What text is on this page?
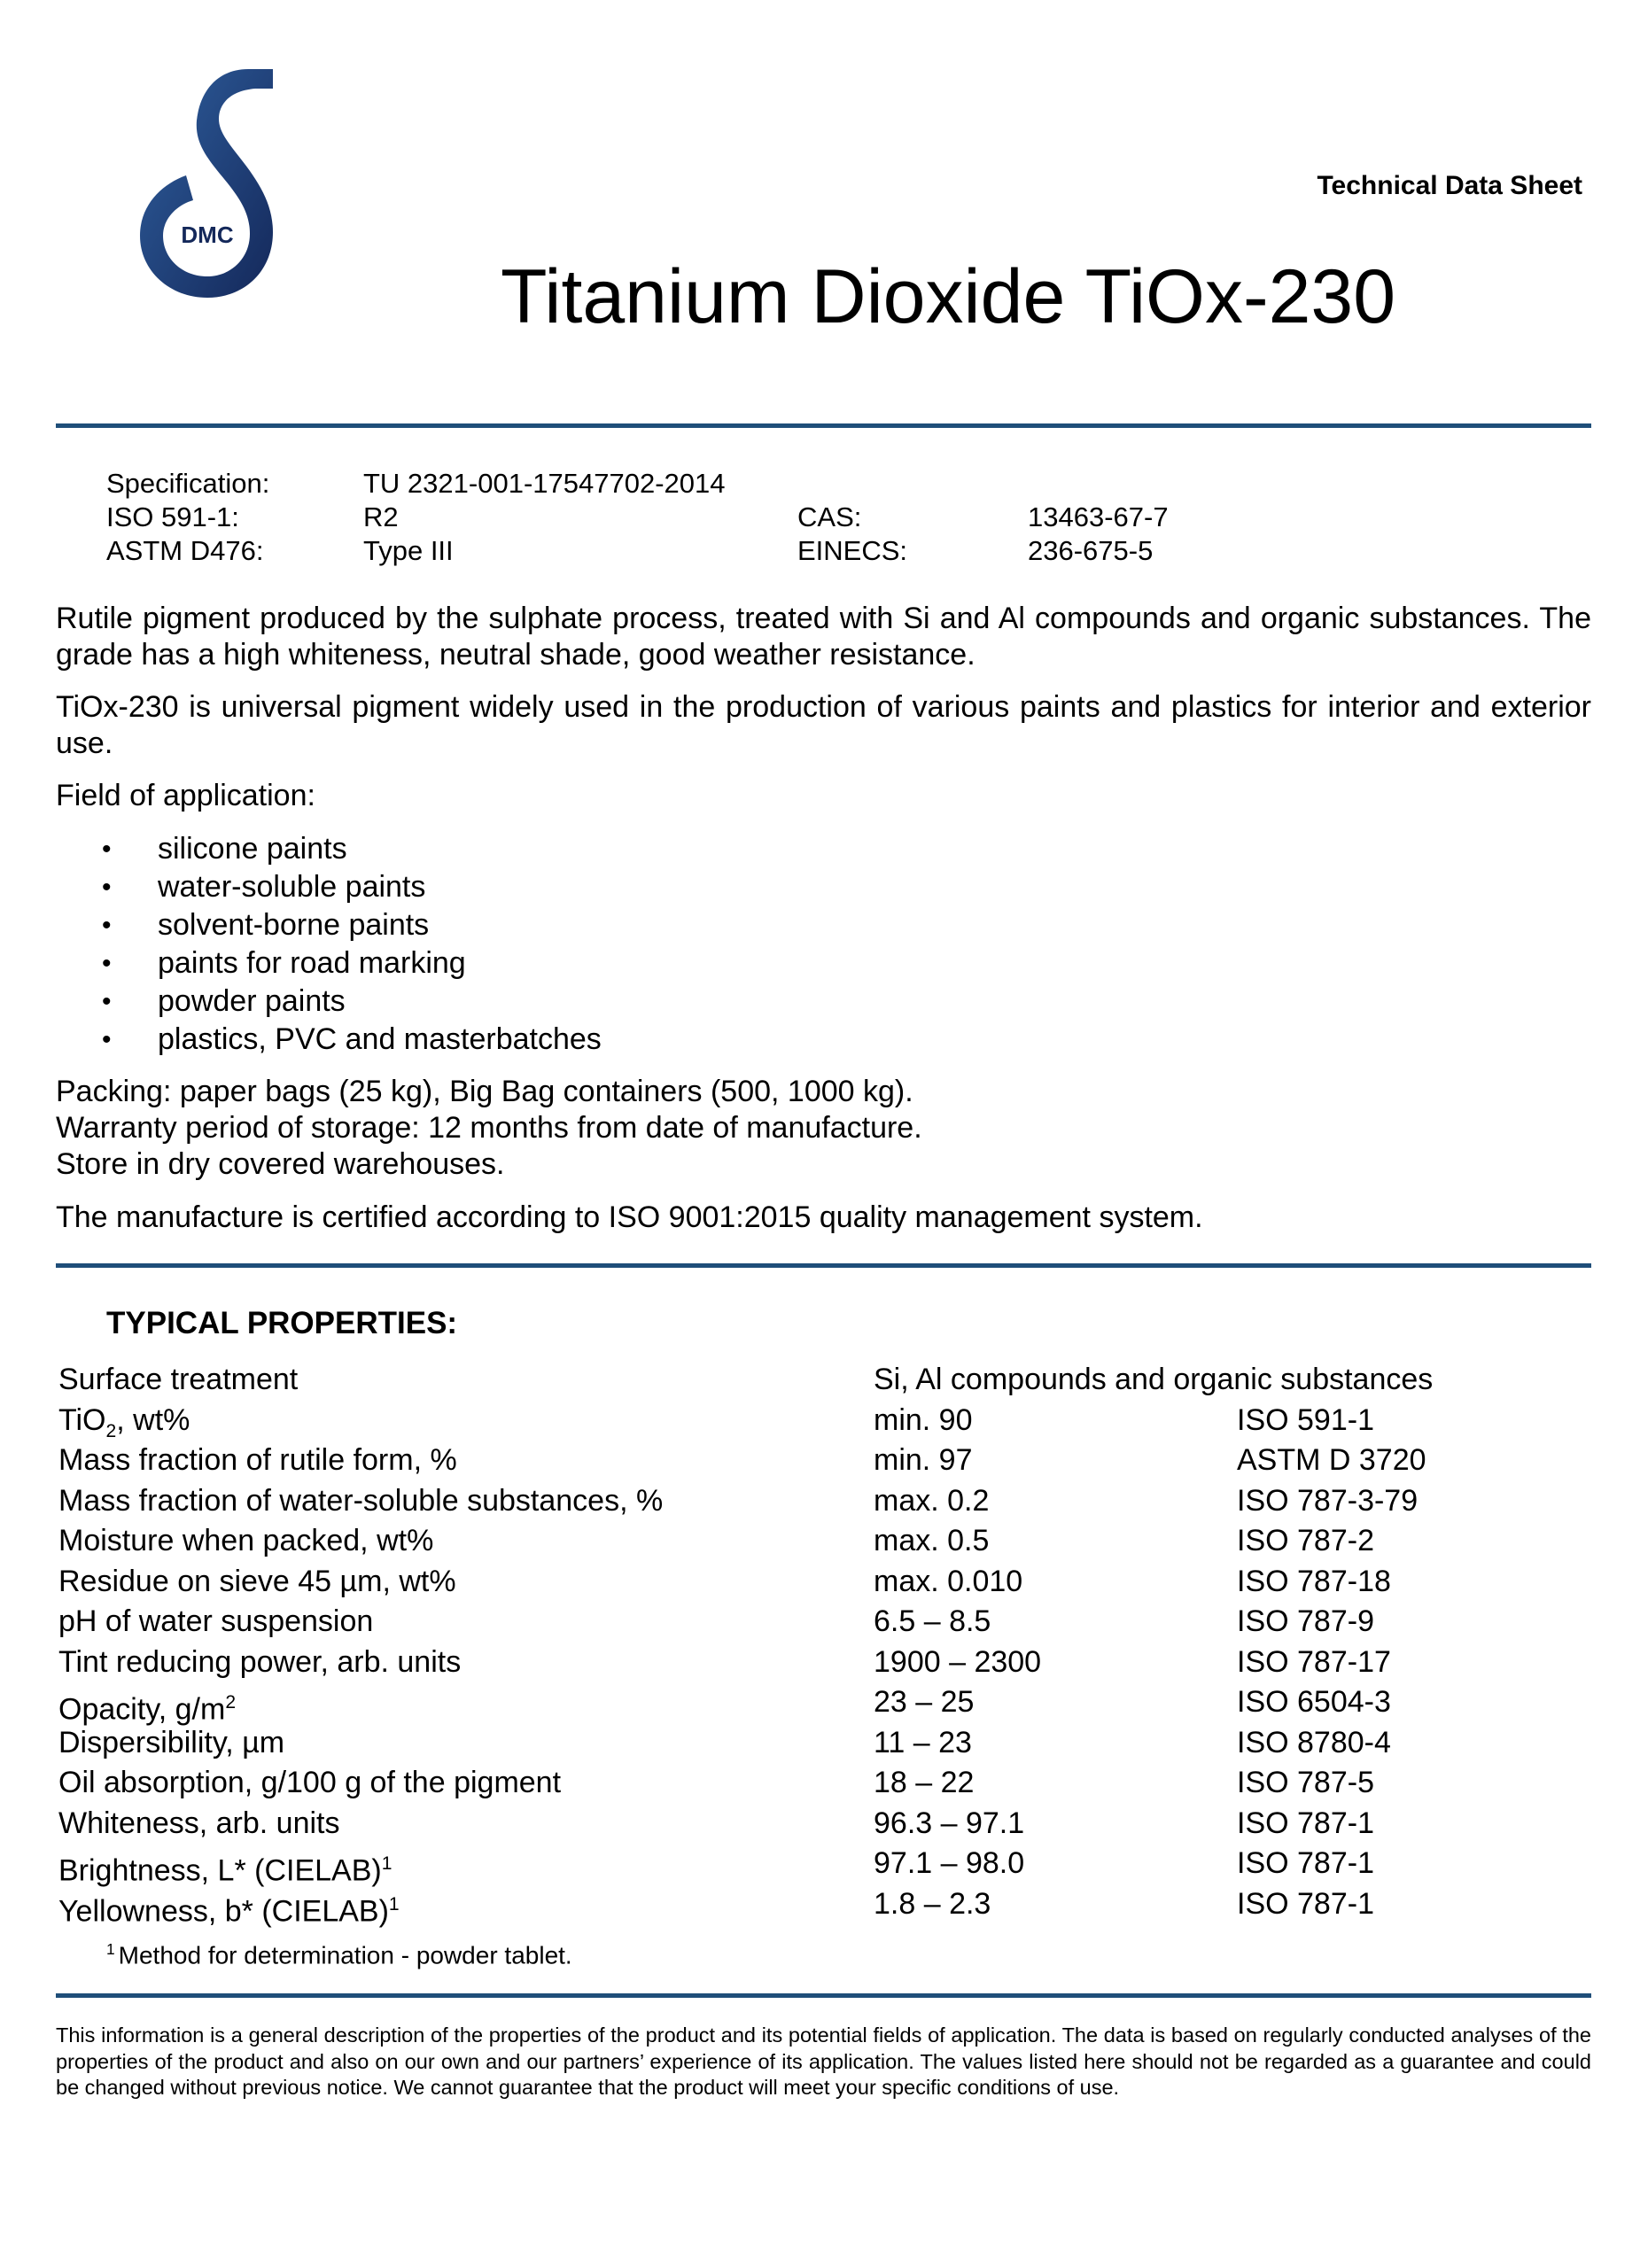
DMC
Technical Data Sheet
Titanium Dioxide TiOx-230
Specification:	TU 2321-001-17547702-2014
ISO 591-1:	R2	CAS:	13463-67-7
ASTM D476:	Type III	EINECS:	236-675-5
Rutile pigment produced by the sulphate process, treated with Si and Al compounds and organic substances. The grade has a high whiteness, neutral shade, good weather resistance.
TiOx-230 is universal pigment widely used in the production of various paints and plastics for interior and exterior use.
Field of application:
• silicone paints
• water-soluble paints
• solvent-borne paints
• paints for road marking
• powder paints
• plastics, PVC and masterbatches
Packing: paper bags (25 kg), Big Bag containers (500, 1000 kg).
Warranty period of storage: 12 months from date of manufacture.
Store in dry covered warehouses.
The manufacture is certified according to ISO 9001:2015 quality management system.
TYPICAL PROPERTIES:
Surface treatment	Si, Al compounds and organic substances
TiO$_2$, wt%	min. 90	ISO 591-1
Mass fraction of rutile form, %	min. 97	ASTM D 3720
Mass fraction of water-soluble substances, %	max. 0.2	ISO 787-3-79
Moisture when packed, wt%	max. 0.5	ISO 787-2
Residue on sieve 45 µm, wt%	max. 0.010	ISO 787-18
pH of water suspension	6.5 – 8.5	ISO 787-9
Tint reducing power, arb. units	1900 – 2300	ISO 787-17
Opacity, $g/m^2$	23 – 25	ISO 6504-3
Dispersibility, µm	11 – 23	ISO 8780-4
Oil absorption, g/100 g of the pigment	18 – 22	ISO 787-5
Whiteness, arb. units	96.3 – 97.1	ISO 787-1
Brightness, L* (CIELAB)$^1$	97.1 – 98.0	ISO 787-1
Yellowness, b* (CIELAB)$^1$	1.8 – 2.3	ISO 787-1
$^1$ Method for determination - powder tablet.
This information is a general description of the properties of the product and its potential fields of application. The data is based on regularly conducted analyses of the properties of the product and also on our own and our partners’ experience of its application. The values listed here should not be regarded as a guarantee and could be changed without previous notice. We cannot guarantee that the product will meet your specific conditions of use.
